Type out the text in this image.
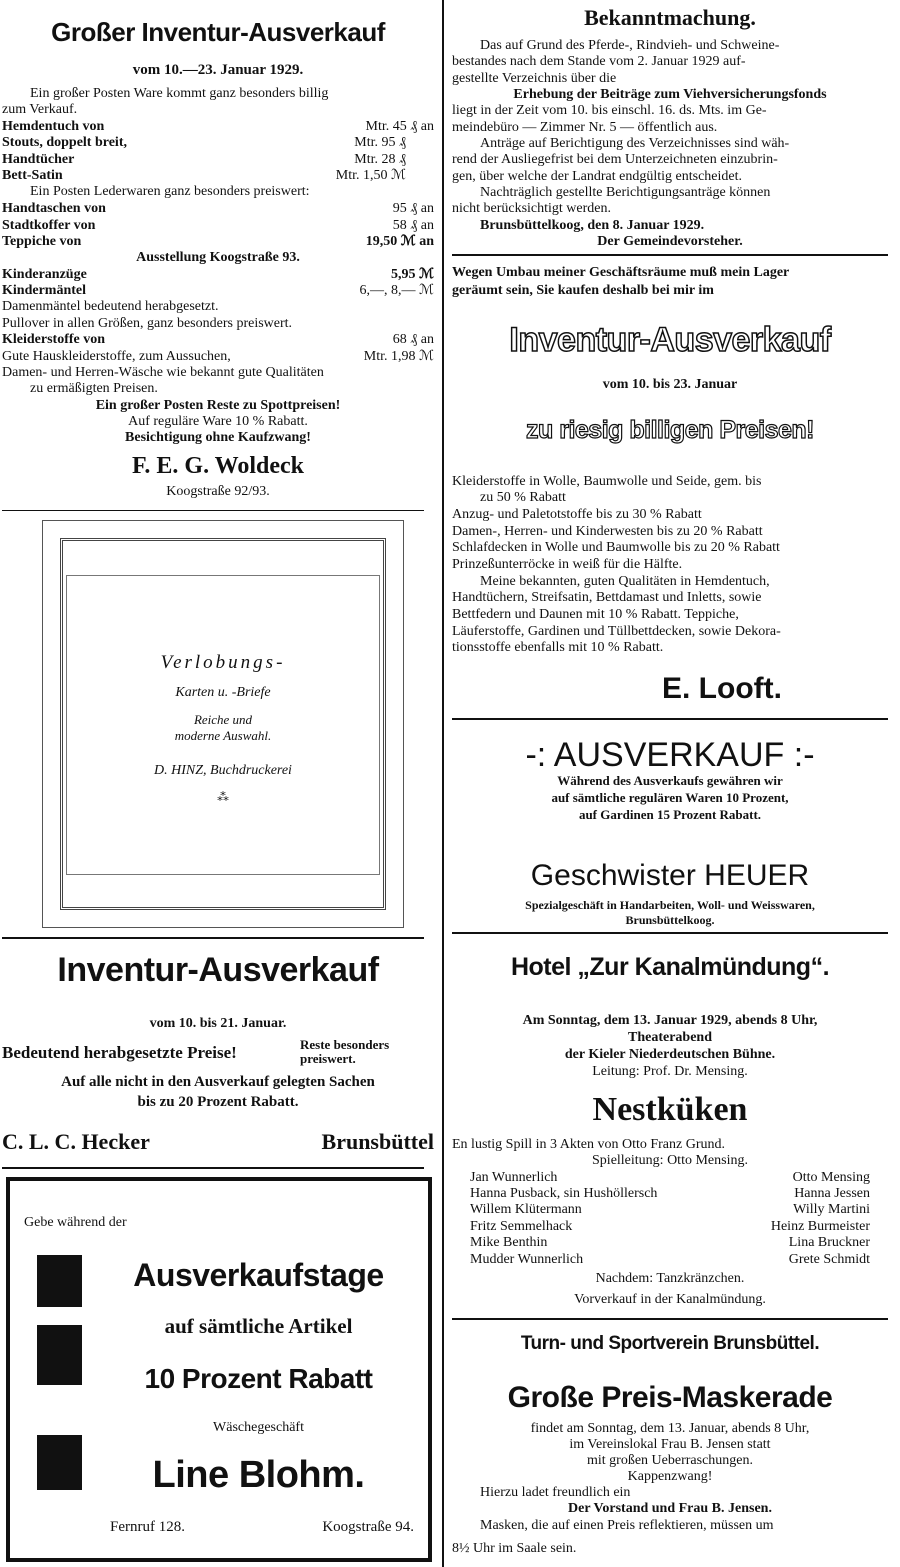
Großer Inventur-Ausverkauf
vom 10.—23. Januar 1929.
Ein großer Posten Ware kommt ganz besonders billig
zum Verkauf.
Hemdentuch von	Mtr. 45 ₰ an
Stouts, doppelt breit,	Mtr. 95 ₰
Handtücher	Mtr. 28 ₰
Bett-Satin	Mtr. 1,50 ℳ
Ein Posten Lederwaren ganz besonders preiswert:
Handtaschen von	95 ₰ an
Stadtkoffer von	58 ₰ an
Teppiche von	19,50 ℳ an
Ausstellung Koogstraße 93.
Kinderanzüge	5,95 ℳ
Kindermäntel	6,—, 8,— ℳ
Damenmäntel bedeutend herabgesetzt.
Pullover in allen Größen, ganz besonders preiswert.
Kleiderstoffe von	68 ₰ an
Gute Hauskleiderstoffe, zum Aussuchen,	Mtr. 1,98 ℳ
Damen- und Herren-Wäsche wie bekannt gute Qualitäten
zu ermäßigten Preisen.
Ein großer Posten Reste zu Spottpreisen!
Auf reguläre Ware 10 % Rabatt.
Besichtigung ohne Kaufzwang!
F. E. G. Woldeck
Koogstraße 92/93.
Verlobungs-
Karten u. -Briefe
Reiche und
moderne Auswahl.
D. HINZ, Buchdruckerei
⁂
Inventur-Ausverkauf
vom 10. bis 21. Januar.
Bedeutend herabgesetzte Preise!	Reste besonders
preiswert.
Auf alle nicht in den Ausverkauf gelegten Sachen
bis zu 20 Prozent Rabatt.
C. L. C. Hecker	Brunsbüttel
Gebe während der
Ausverkaufstage
auf sämtliche Artikel
10 Prozent Rabatt
Wäschegeschäft
Line Blohm.
Fernruf 128.	Koogstraße 94.
Bekanntmachung.
Das auf Grund des Pferde-, Rindvieh- und Schweine-
bestandes nach dem Stande vom 2. Januar 1929 auf-
gestellte Verzeichnis über die
Erhebung der Beiträge zum Viehversicherungsfonds
liegt in der Zeit vom 10. bis einschl. 16. ds. Mts. im Ge-
meindebüro — Zimmer Nr. 5 — öffentlich aus.
Anträge auf Berichtigung des Verzeichnisses sind wäh-
rend der Ausliegefrist bei dem Unterzeichneten einzubrin-
gen, über welche der Landrat endgültig entscheidet.
Nachträglich gestellte Berichtigungsanträge können
nicht berücksichtigt werden.
Brunsbüttelkoog, den 8. Januar 1929.
Der Gemeindevorsteher.
Wegen Umbau meiner Geschäftsräume muß mein Lager
geräumt sein, Sie kaufen deshalb bei mir im
Inventur-Ausverkauf
vom 10. bis 23. Januar
zu riesig billigen Preisen!
Kleiderstoffe in Wolle, Baumwolle und Seide, gem. bis
zu 50 % Rabatt
Anzug- und Paletotstoffe bis zu 30 % Rabatt
Damen-, Herren- und Kinderwesten bis zu 20 % Rabatt
Schlafdecken in Wolle und Baumwolle bis zu 20 % Rabatt
Prinzeßunterröcke in weiß für die Hälfte.
Meine bekannten, guten Qualitäten in Hemdentuch,
Handtüchern, Streifsatin, Bettdamast und Inletts, sowie
Bettfedern und Daunen mit 10 % Rabatt. Teppiche,
Läuferstoffe, Gardinen und Tüllbettdecken, sowie Dekora-
tionsstoffe ebenfalls mit 10 % Rabatt.
E. Looft.
-: AUSVERKAUF :-
Während des Ausverkaufs gewähren wir
auf sämtliche regulären Waren 10 Prozent,
auf Gardinen 15 Prozent Rabatt.
Geschwister HEUER
Spezialgeschäft in Handarbeiten, Woll- und Weisswaren,
Brunsbüttelkoog.
Hotel „Zur Kanalmündung“.
Am Sonntag, dem 13. Januar 1929, abends 8 Uhr,
Theaterabend
der Kieler Niederdeutschen Bühne.
Leitung: Prof. Dr. Mensing.
Nestküken
En lustig Spill in 3 Akten von Otto Franz Grund.
Spielleitung: Otto Mensing.
Jan Wunnerlich	Otto Mensing
Hanna Pusback, sin Hushöllersch	Hanna Jessen
Willem Klütermann	Willy Martini
Fritz Semmelhack	Heinz Burmeister
Mike Benthin	Lina Bruckner
Mudder Wunnerlich	Grete Schmidt
Nachdem: Tanzkränzchen.
Vorverkauf in der Kanalmündung.
Turn- und Sportverein Brunsbüttel.
Große Preis-Maskerade
findet am Sonntag, dem 13. Januar, abends 8 Uhr,
im Vereinslokal Frau B. Jensen statt
mit großen Ueberraschungen.
Kappenzwang!
Hierzu ladet freundlich ein
Der Vorstand und Frau B. Jensen.
Masken, die auf einen Preis reflektieren, müssen um
8½ Uhr im Saale sein.
